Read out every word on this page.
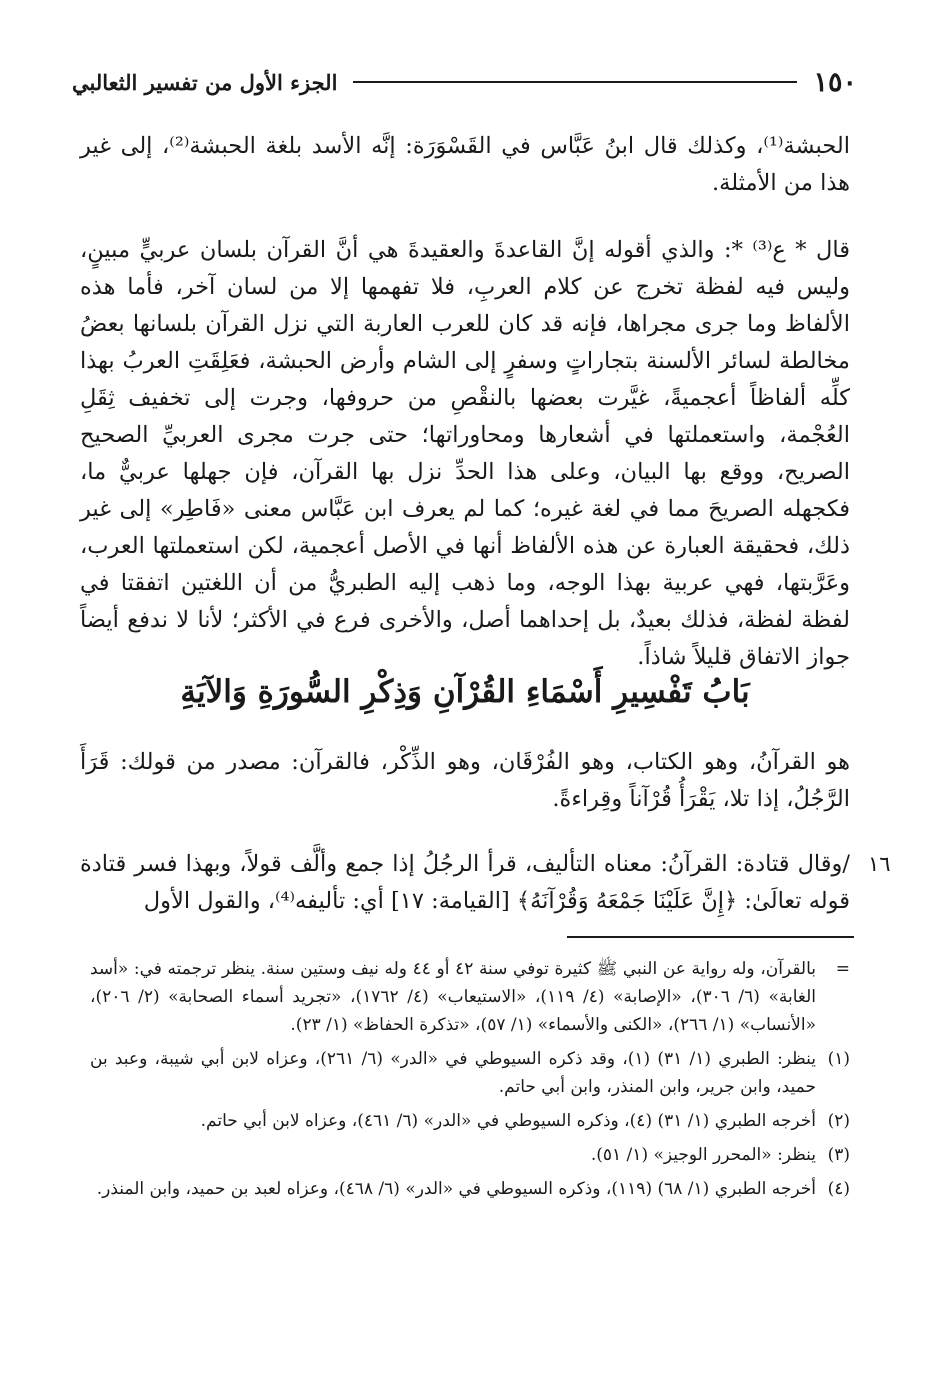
١٥٠
الجزء الأول من تفسير الثعالبي
الحبشة⁽¹⁾، وكذلك قال ابنُ عَبَّاس في القَسْوَرَة: إنَّه الأسد بلغة الحبشة⁽²⁾، إلى غير هذا من الأمثلة.
قال * ع⁽³⁾ *: والذي أقوله إنَّ القاعدةَ والعقيدةَ هي أنَّ القرآن بلسان عربيٍّ مبينٍ، وليس فيه لفظة تخرج عن كلام العربِ، فلا تفهمها إلا من لسان آخر، فأما هذه الألفاظ وما جرى مجراها، فإنه قد كان للعرب العاربة التي نزل القرآن بلسانها بعضُ مخالطة لسائر الألسنة بتجاراتٍ وسفرٍ إلى الشام وأرض الحبشة، فعَلِقَتِ العربُ بهذا كلِّه ألفاظاً أعجميةً، غيَّرت بعضها بالنقْصِ من حروفها، وجرت إلى تخفيف ثِقَلِ العُجْمة، واستعملتها في أشعارها ومحاوراتها؛ حتى جرت مجرى العربيِّ الصحيح الصريح، ووقع بها البيان، وعلى هذا الحدِّ نزل بها القرآن، فإن جهلها عربيٌّ ما، فكجهله الصريحَ مما في لغة غيره؛ كما لم يعرف ابن عَبَّاس معنى «فَاطِر» إلى غير ذلك، فحقيقة العبارة عن هذه الألفاظ أنها في الأصل أعجمية، لكن استعملتها العرب، وعَرَّبتها، فهي عربية بهذا الوجه، وما ذهب إليه الطبريُّ من أن اللغتين اتفقتا في لفظة لفظة، فذلك بعيدٌ، بل إحداهما أصل، والأخرى فرع في الأكثر؛ لأنا لا ندفع أيضاً جواز الاتفاق قليلاً شاذاً.
بَابُ تَفْسِيرِ أَسْمَاءِ القُرْآنِ وَذِكْرِ السُّورَةِ وَالآيَةِ
هو القرآنُ، وهو الكتاب، وهو الفُرْقَان، وهو الذِّكْر، فالقرآن: مصدر من قولك: قَرَأَ الرَّجُلُ، إذا تلا، يَقْرَأُ قُرْآناً وقِراءةً.
/وقال قتادة: القرآنُ: معناه التأليف، قرأ الرجُلُ إذا جمع وألَّف قولاً، وبهذا فسر قتادة قوله تعالَىٰ: ﴿إِنَّ عَلَيْنَا جَمْعَهُ وَقُرْآنَهُ﴾ [القيامة: ١٧] أي: تأليفه⁽⁴⁾، والقول الأول
١٦
=
بالقرآن، وله رواية عن النبي ﷺ كثيرة توفي سنة ٤٢ أو ٤٤ وله نيف وستين سنة. ينظر ترجمته في: «أسد الغابة» (٦/ ٣٠٦)، «الإصابة» (٤/ ١١٩)، «الاستيعاب» (٤/ ١٧٦٢)، «تجريد أسماء الصحابة» (٢/ ٢٠٦)، «الأنساب» (١/ ٢٦٦)، «الكنى والأسماء» (١/ ٥٧)، «تذكرة الحفاظ» (١/ ٢٣).
(١)
ينظر: الطبري (١/ ٣١) (١)، وقد ذكره السيوطي في «الدر» (٦/ ٢٦١)، وعزاه لابن أبي شيبة، وعبد بن حميد، وابن جرير، وابن المنذر، وابن أبي حاتم.
(٢)
أخرجه الطبري (١/ ٣١) (٤)، وذكره السيوطي في «الدر» (٦/ ٤٦١)، وعزاه لابن أبي حاتم.
(٣)
ينظر: «المحرر الوجيز» (١/ ٥١).
(٤)
أخرجه الطبري (١/ ٦٨) (١١٩)، وذكره السيوطي في «الدر» (٦/ ٤٦٨)، وعزاه لعبد بن حميد، وابن المنذر.
